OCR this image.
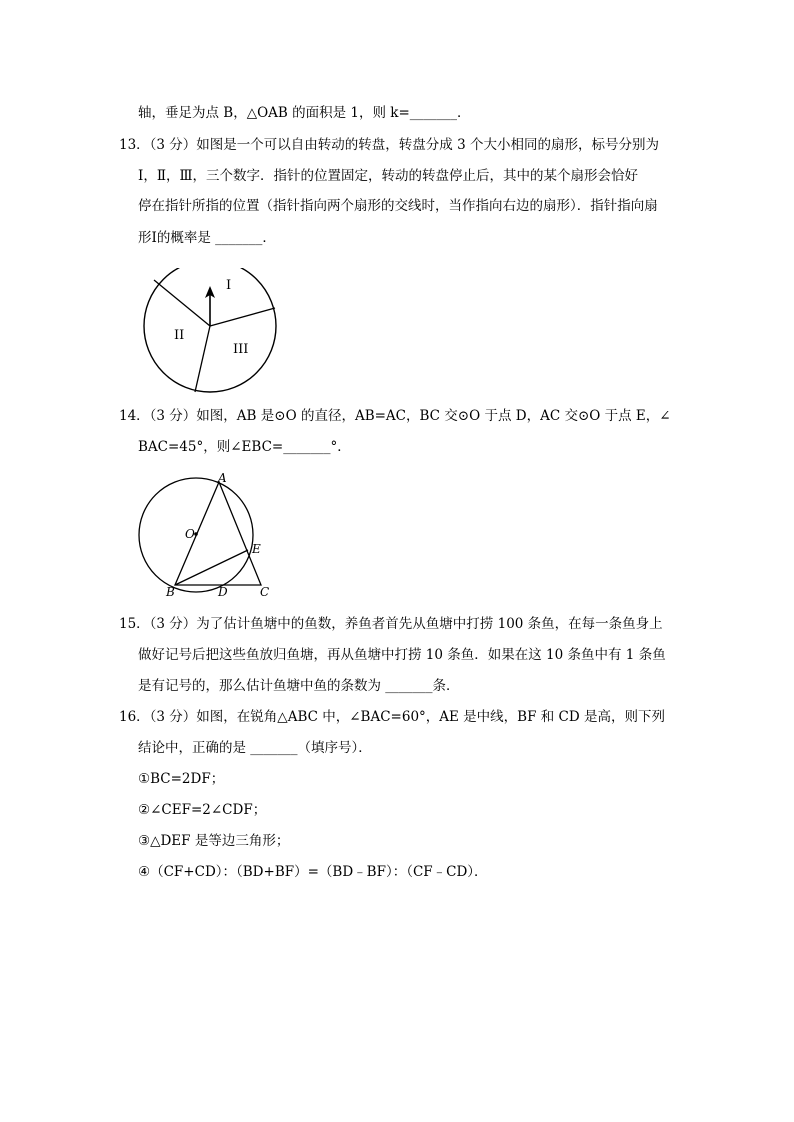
轴，垂足为点 B，△OAB 的面积是 1，则 k=_______．
13．（3 分）如图是一个可以自由转动的转盘，转盘分成 3 个大小相同的扇形，标号分别为
Ⅰ，Ⅱ，Ⅲ，三个数字．指针的位置固定，转动的转盘停止后，其中的某个扇形会恰好
停在指针所指的位置（指针指向两个扇形的交线时，当作指向右边的扇形）．指针指向扇
形Ⅰ的概率是 _______．
I
II
III
14．（3 分）如图，AB 是⊙O 的直径，AB=AC，BC 交⊙O 于点 D，AC 交⊙O 于点 E，∠
BAC=45°，则∠EBC=_______°．
A
O
E
B	D	C
15．（3 分）为了估计鱼塘中的鱼数，养鱼者首先从鱼塘中打捞 100 条鱼，在每一条鱼身上
做好记号后把这些鱼放归鱼塘，再从鱼塘中打捞 10 条鱼．如果在这 10 条鱼中有 1 条鱼
是有记号的，那么估计鱼塘中鱼的条数为 _______条．
16．（3 分）如图，在锐角△ABC 中，∠BAC=60°，AE 是中线，BF 和 CD 是高，则下列
结论中，正确的是 _______（填序号）．
①BC=2DF；
②∠CEF=2∠CDF；
③△DEF 是等边三角形；
④（CF+CD）：（BD+BF）=（BD﹣BF）：（CF﹣CD）．
